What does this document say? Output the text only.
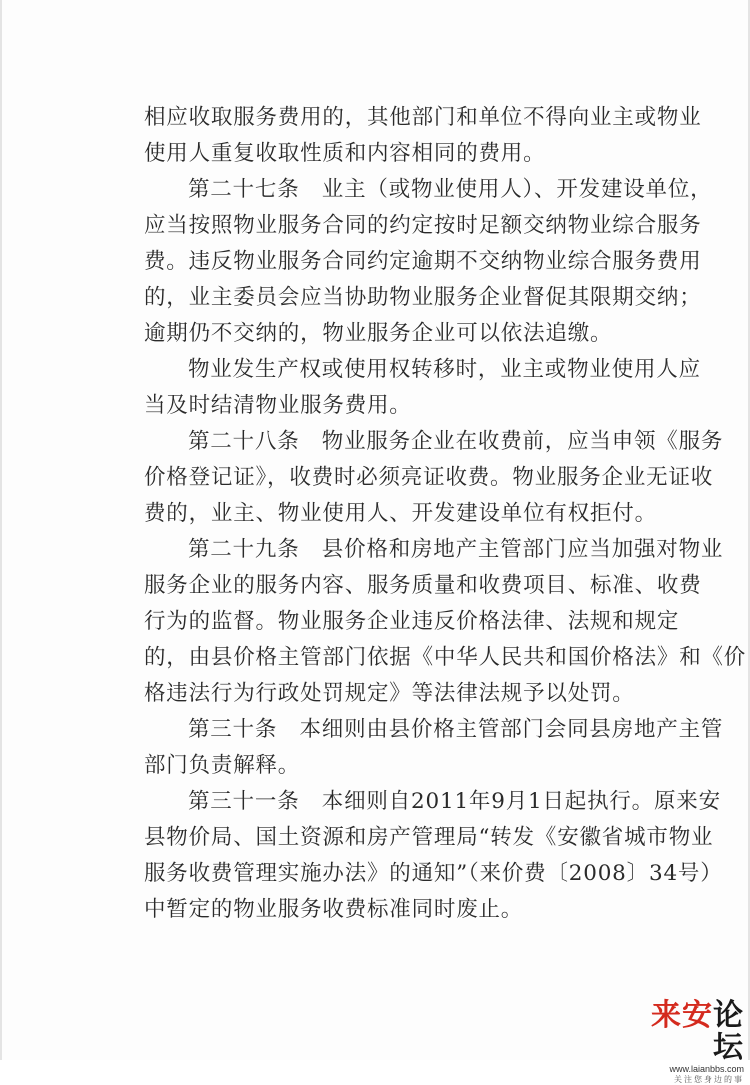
相应收取服务费用的，其他部门和单位不得向业主或物业
使用人重复收取性质和内容相同的费用。
第二十七条　业主（或物业使用人）、开发建设单位，
应当按照物业服务合同的约定按时足额交纳物业综合服务
费。违反物业服务合同约定逾期不交纳物业综合服务费用
的，业主委员会应当协助物业服务企业督促其限期交纳；
逾期仍不交纳的，物业服务企业可以依法追缴。
物业发生产权或使用权转移时，业主或物业使用人应
当及时结清物业服务费用。
第二十八条　物业服务企业在收费前，应当申领《服务
价格登记证》，收费时必须亮证收费。物业服务企业无证收
费的，业主、物业使用人、开发建设单位有权拒付。
第二十九条　县价格和房地产主管部门应当加强对物业
服务企业的服务内容、服务质量和收费项目、标准、收费
行为的监督。物业服务企业违反价格法律、法规和规定
的，由县价格主管部门依据《中华人民共和国价格法》和《价
格违法行为行政处罚规定》等法律法规予以处罚。
第三十条　本细则由县价格主管部门会同县房地产主管
部门负责解释。
第三十一条　本细则自2011年9月1日起执行。原来安
县物价局、国土资源和房产管理局“转发《安徽省城市物业
服务收费管理实施办法》的通知”（来价费〔2008〕34号）
中暂定的物业服务收费标准同时废止。
来安论坛
www.laianbbs.com
关注您身边的事
